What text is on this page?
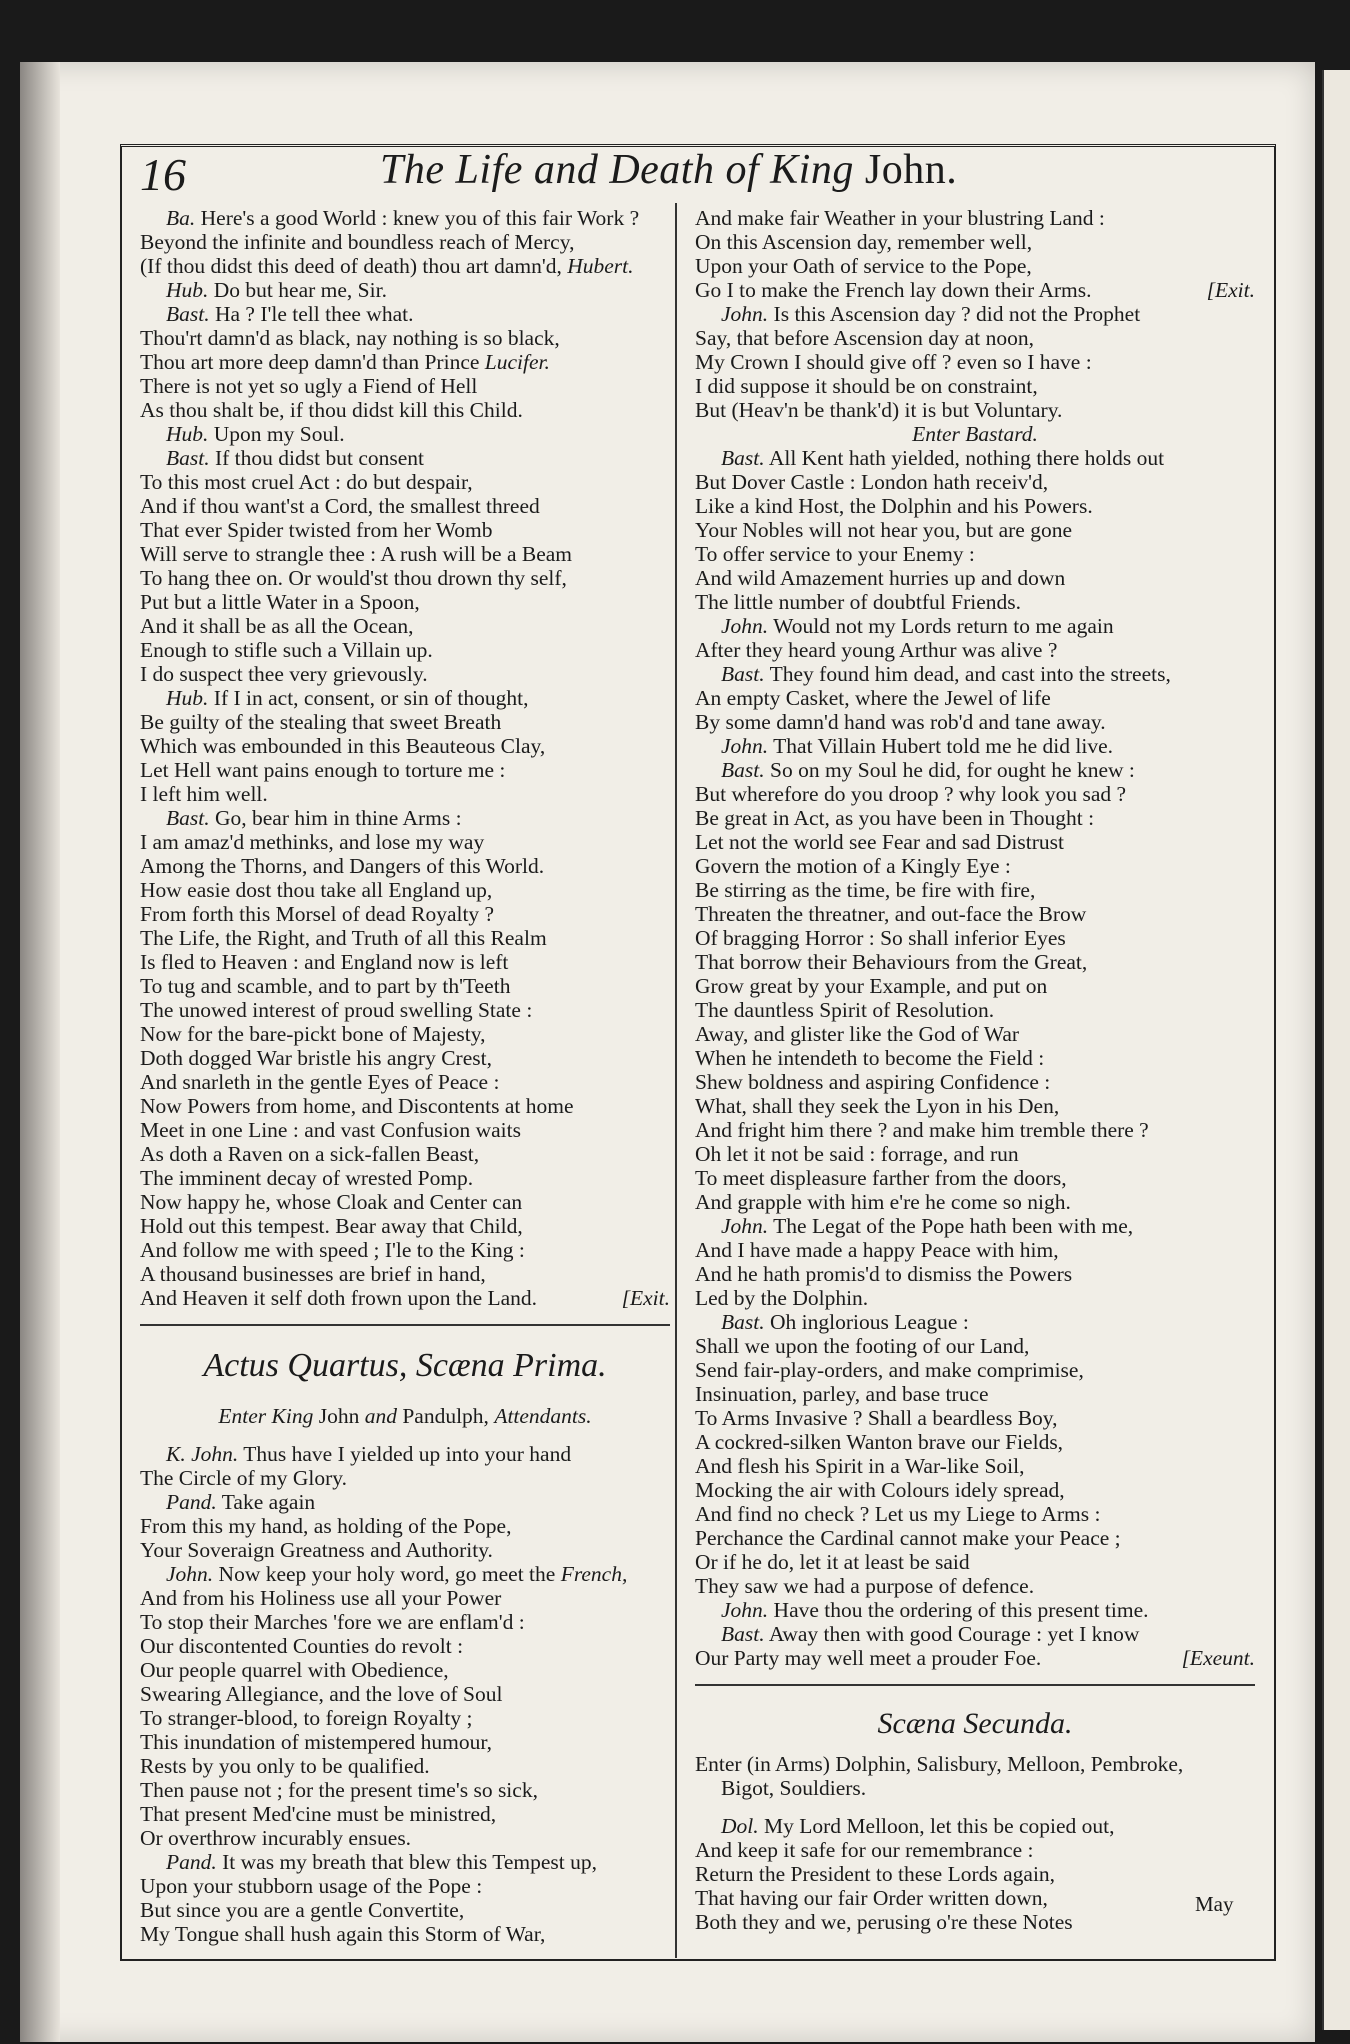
16	The Life and Death of King John.
Ba. Here's a good World : knew you of this fair Work ?
Beyond the infinite and boundless reach of Mercy,
(If thou didst this deed of death) thou art damn'd, Hubert.
Hub. Do but hear me, Sir.
Bast. Ha ? I'le tell thee what.
Thou'rt damn'd as black, nay nothing is so black,
Thou art more deep damn'd than Prince Lucifer.
There is not yet so ugly a Fiend of Hell
As thou shalt be, if thou didst kill this Child.
Hub. Upon my Soul.
Bast. If thou didst but consent
To this most cruel Act : do but despair,
And if thou want'st a Cord, the smallest threed
That ever Spider twisted from her Womb
Will serve to strangle thee : A rush will be a Beam
To hang thee on. Or would'st thou drown thy self,
Put but a little Water in a Spoon,
And it shall be as all the Ocean,
Enough to stifle such a Villain up.
I do suspect thee very grievously.
Hub. If I in act, consent, or sin of thought,
Be guilty of the stealing that sweet Breath
Which was embounded in this Beauteous Clay,
Let Hell want pains enough to torture me :
I left him well.
Bast. Go, bear him in thine Arms :
I am amaz'd methinks, and lose my way
Among the Thorns, and Dangers of this World.
How easie dost thou take all England up,
From forth this Morsel of dead Royalty ?
The Life, the Right, and Truth of all this Realm
Is fled to Heaven : and England now is left
To tug and scamble, and to part by th'Teeth
The unowed interest of proud swelling State :
Now for the bare-pickt bone of Majesty,
Doth dogged War bristle his angry Crest,
And snarleth in the gentle Eyes of Peace :
Now Powers from home, and Discontents at home
Meet in one Line : and vast Confusion waits
As doth a Raven on a sick-fallen Beast,
The imminent decay of wrested Pomp.
Now happy he, whose Cloak and Center can
Hold out this tempest. Bear away that Child,
And follow me with speed ; I'le to the King :
A thousand businesses are brief in hand,
And Heaven it self doth frown upon the Land.	[Exit.
Actus Quartus, Scæna Prima.
Enter King John and Pandulph, Attendants.
K. John. Thus have I yielded up into your hand
The Circle of my Glory.
Pand. Take again
From this my hand, as holding of the Pope,
Your Soveraign Greatness and Authority.
John. Now keep your holy word, go meet the French,
And from his Holiness use all your Power
To stop their Marches 'fore we are enflam'd :
Our discontented Counties do revolt :
Our people quarrel with Obedience,
Swearing Allegiance, and the love of Soul
To stranger-blood, to foreign Royalty ;
This inundation of mistempered humour,
Rests by you only to be qualified.
Then pause not ; for the present time's so sick,
That present Med'cine must be ministred,
Or overthrow incurably ensues.
Pand. It was my breath that blew this Tempest up,
Upon your stubborn usage of the Pope :
But since you are a gentle Convertite,
My Tongue shall hush again this Storm of War,
And make fair Weather in your blustring Land :
On this Ascension day, remember well,
Upon your Oath of service to the Pope,
Go I to make the French lay down their Arms.	[Exit.
John. Is this Ascension day ? did not the Prophet
Say, that before Ascension day at noon,
My Crown I should give off ? even so I have :
I did suppose it should be on constraint,
But (Heav'n be thank'd) it is but Voluntary.
Enter Bastard.
Bast. All Kent hath yielded, nothing there holds out
But Dover Castle : London hath receiv'd,
Like a kind Host, the Dolphin and his Powers.
Your Nobles will not hear you, but are gone
To offer service to your Enemy :
And wild Amazement hurries up and down
The little number of doubtful Friends.
John. Would not my Lords return to me again
After they heard young Arthur was alive ?
Bast. They found him dead, and cast into the streets,
An empty Casket, where the Jewel of life
By some damn'd hand was rob'd and tane away.
John. That Villain Hubert told me he did live.
Bast. So on my Soul he did, for ought he knew :
But wherefore do you droop ? why look you sad ?
Be great in Act, as you have been in Thought :
Let not the world see Fear and sad Distrust
Govern the motion of a Kingly Eye :
Be stirring as the time, be fire with fire,
Threaten the threatner, and out-face the Brow
Of bragging Horror : So shall inferior Eyes
That borrow their Behaviours from the Great,
Grow great by your Example, and put on
The dauntless Spirit of Resolution.
Away, and glister like the God of War
When he intendeth to become the Field :
Shew boldness and aspiring Confidence :
What, shall they seek the Lyon in his Den,
And fright him there ? and make him tremble there ?
Oh let it not be said : forrage, and run
To meet displeasure farther from the doors,
And grapple with him e're he come so nigh.
John. The Legat of the Pope hath been with me,
And I have made a happy Peace with him,
And he hath promis'd to dismiss the Powers
Led by the Dolphin.
Bast. Oh inglorious League :
Shall we upon the footing of our Land,
Send fair-play-orders, and make comprimise,
Insinuation, parley, and base truce
To Arms Invasive ? Shall a beardless Boy,
A cockred-silken Wanton brave our Fields,
And flesh his Spirit in a War-like Soil,
Mocking the air with Colours idely spread,
And find no check ? Let us my Liege to Arms :
Perchance the Cardinal cannot make your Peace ;
Or if he do, let it at least be said
They saw we had a purpose of defence.
John. Have thou the ordering of this present time.
Bast. Away then with good Courage : yet I know
Our Party may well meet a prouder Foe.	[Exeunt.
Scæna Secunda.
Enter (in Arms) Dolphin, Salisbury, Melloon, Pembroke,
Bigot, Souldiers.
Dol. My Lord Melloon, let this be copied out,
And keep it safe for our remembrance :
Return the President to these Lords again,
That having our fair Order written down,
Both they and we, perusing o're these Notes
May
